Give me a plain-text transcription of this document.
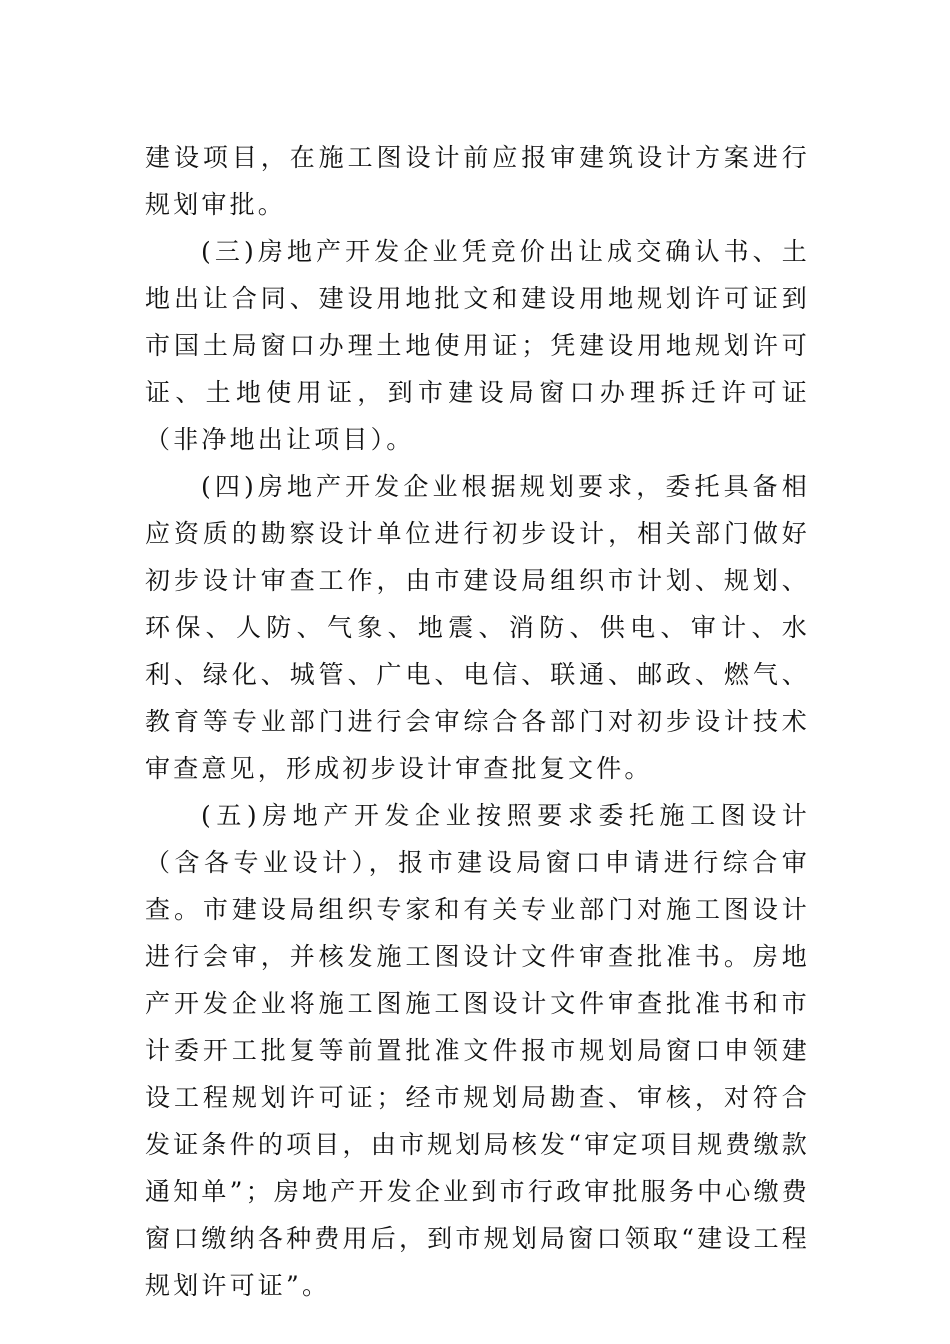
建设项目，在施工图设计前应报审建筑设计方案进行规划审批。

(三)房地产开发企业凭竞价出让成交确认书、土地出让合同、建设用地批文和建设用地规划许可证到市国土局窗口办理土地使用证；凭建设用地规划许可证、土地使用证，到市建设局窗口办理拆迁许可证（非净地出让项目）。

(四)房地产开发企业根据规划要求，委托具备相应资质的勘察设计单位进行初步设计，相关部门做好初步设计审查工作，由市建设局组织市计划、规划、环保、人防、气象、地震、消防、供电、审计、水利、绿化、城管、广电、电信、联通、邮政、燃气、教育等专业部门进行会审综合各部门对初步设计技术审查意见，形成初步设计审查批复文件。

(五)房地产开发企业按照要求委托施工图设计（含各专业设计），报市建设局窗口申请进行综合审查。市建设局组织专家和有关专业部门对施工图设计进行会审，并核发施工图设计文件审查批准书。房地产开发企业将施工图施工图设计文件审查批准书和市计委开工批复等前置批准文件报市规划局窗口申领建设工程规划许可证；经市规划局勘查、审核，对符合发证条件的项目，由市规划局核发“审定项目规费缴款通知单”；房地产开发企业到市行政审批服务中心缴费窗口缴纳各种费用后，到市规划局窗口领取“建设工程规划许可证”。
